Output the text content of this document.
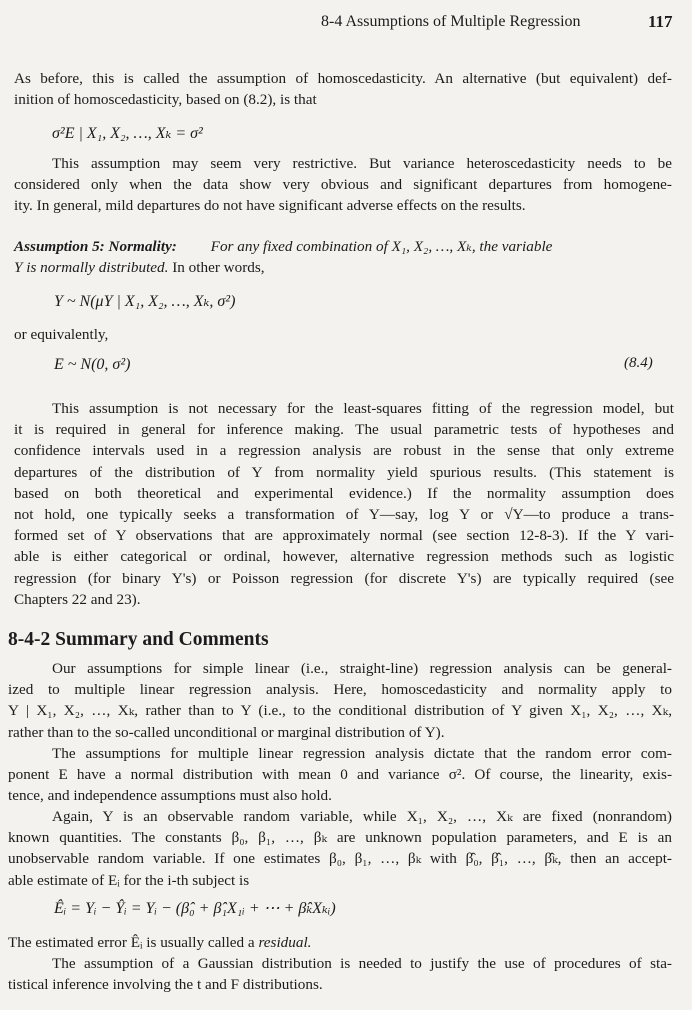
8-4 Assumptions of Multiple Regression	117
As before, this is called the assumption of homoscedasticity. An alternative (but equivalent) def-
inition of homoscedasticity, based on (8.2), is that
σ²E | X₁, X₂, …, Xₖ = σ²
This assumption may seem very restrictive. But variance heteroscedasticity needs to be
considered only when the data show very obvious and significant departures from homogene-
ity. In general, mild departures do not have significant adverse effects on the results.
Assumption 5: Normality: For any fixed combination of X₁, X₂, …, Xₖ, the variable
Y is normally distributed. In other words,
Y ~ N(μY | X₁, X₂, …, Xₖ, σ²)
or equivalently,
E ~ N(0, σ²)	(8.4)
This assumption is not necessary for the least-squares fitting of the regression model, but
it is required in general for inference making. The usual parametric tests of hypotheses and
confidence intervals used in a regression analysis are robust in the sense that only extreme
departures of the distribution of Y from normality yield spurious results. (This statement is
based on both theoretical and experimental evidence.) If the normality assumption does
not hold, one typically seeks a transformation of Y—say, log Y or √Y—to produce a trans-
formed set of Y observations that are approximately normal (see section 12-8-3). If the Y vari-
able is either categorical or ordinal, however, alternative regression methods such as logistic
regression (for binary Y's) or Poisson regression (for discrete Y's) are typically required (see
Chapters 22 and 23).
8-4-2 Summary and Comments
Our assumptions for simple linear (i.e., straight-line) regression analysis can be general-
ized to multiple linear regression analysis. Here, homoscedasticity and normality apply to
Y | X₁, X₂, …, Xₖ, rather than to Y (i.e., to the conditional distribution of Y given X₁, X₂, …, Xₖ,
rather than to the so-called unconditional or marginal distribution of Y).
The assumptions for multiple linear regression analysis dictate that the random error com-
ponent E have a normal distribution with mean 0 and variance σ². Of course, the linearity, exis-
tence, and independence assumptions must also hold.
Again, Y is an observable random variable, while X₁, X₂, …, Xₖ are fixed (nonrandom)
known quantities. The constants β₀, β₁, …, βₖ are unknown population parameters, and E is an
unobservable random variable. If one estimates β₀, β₁, …, βₖ with β̂₀, β̂₁, …, β̂ₖ, then an accept-
able estimate of Eᵢ for the i-th subject is
Êᵢ = Yᵢ − Ŷᵢ = Yᵢ − (β̂₀ + β̂₁X₁ᵢ + ⋯ + β̂ₖXₖᵢ)
The estimated error Êᵢ is usually called a residual.
The assumption of a Gaussian distribution is needed to justify the use of procedures of sta-
tistical inference involving the t and F distributions.
